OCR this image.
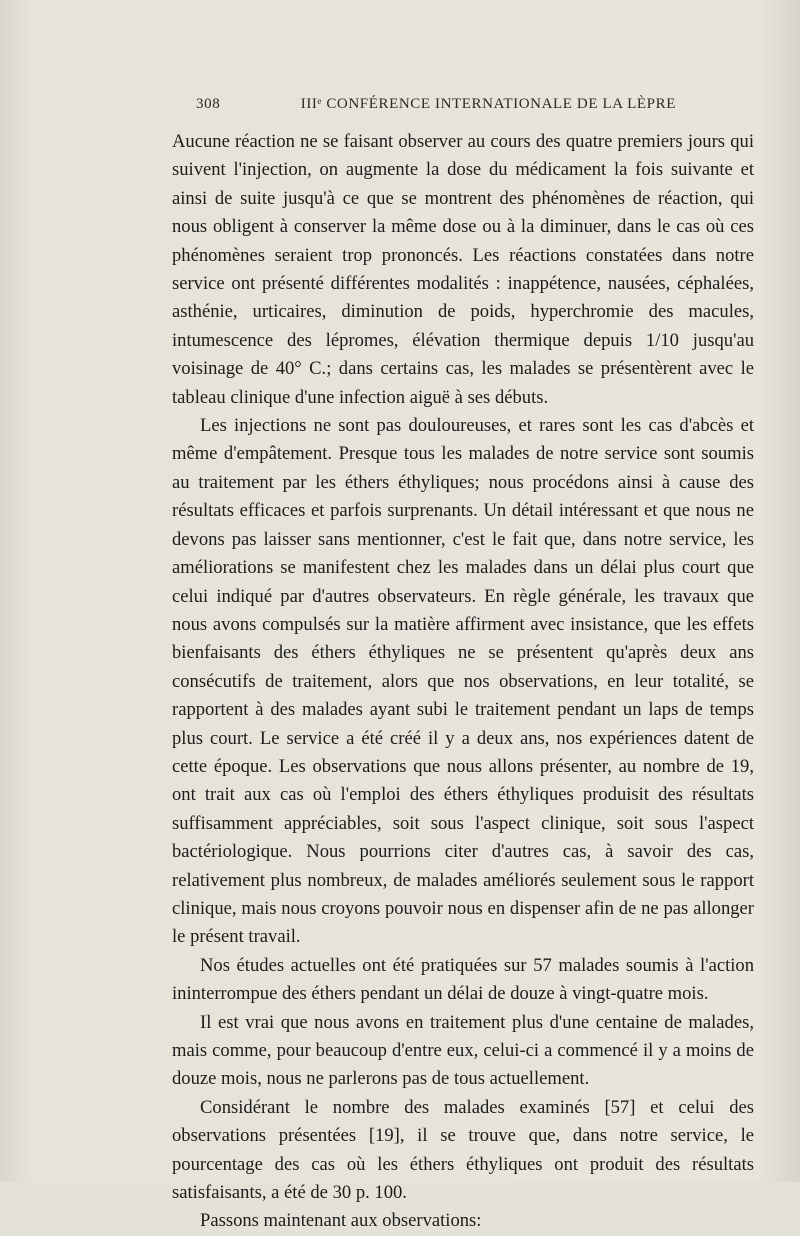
308	IIIᵉ CONFÉRENCE INTERNATIONALE DE LA LÈPRE

Aucune réaction ne se faisant observer au cours des quatre premiers jours qui suivent l'injection, on augmente la dose du médicament la fois suivante et ainsi de suite jusqu'à ce que se montrent des phénomènes de réaction, qui nous obligent à conserver la même dose ou à la diminuer, dans le cas où ces phénomènes seraient trop prononcés. Les réactions constatées dans notre service ont présenté différentes modalités : inappétence, nausées, céphalées, asthénie, urticaires, diminution de poids, hyperchromie des macules, intumescence des lépromes, élévation thermique depuis 1/10 jusqu'au voisinage de 40° C.; dans certains cas, les malades se présentèrent avec le tableau clinique d'une infection aiguë à ses débuts.

Les injections ne sont pas douloureuses, et rares sont les cas d'abcès et même d'empâtement. Presque tous les malades de notre service sont soumis au traitement par les éthers éthyliques; nous procédons ainsi à cause des résultats efficaces et parfois surprenants. Un détail intéressant et que nous ne devons pas laisser sans mentionner, c'est le fait que, dans notre service, les améliorations se manifestent chez les malades dans un délai plus court que celui indiqué par d'autres observateurs. En règle générale, les travaux que nous avons compulsés sur la matière affirment avec insistance, que les effets bienfaisants des éthers éthyliques ne se présentent qu'après deux ans consécutifs de traitement, alors que nos observations, en leur totalité, se rapportent à des malades ayant subi le traitement pendant un laps de temps plus court. Le service a été créé il y a deux ans, nos expériences datent de cette époque. Les observations que nous allons présenter, au nombre de 19, ont trait aux cas où l'emploi des éthers éthyliques produisit des résultats suffisamment appréciables, soit sous l'aspect clinique, soit sous l'aspect bactériologique. Nous pourrions citer d'autres cas, à savoir des cas, relativement plus nombreux, de malades améliorés seulement sous le rapport clinique, mais nous croyons pouvoir nous en dispenser afin de ne pas allonger le présent travail.

Nos études actuelles ont été pratiquées sur 57 malades soumis à l'action ininterrompue des éthers pendant un délai de douze à vingt-quatre mois.

Il est vrai que nous avons en traitement plus d'une centaine de malades, mais comme, pour beaucoup d'entre eux, celui-ci a commencé il y a moins de douze mois, nous ne parlerons pas de tous actuellement.

Considérant le nombre des malades examinés [57] et celui des observations présentées [19], il se trouve que, dans notre service, le pourcentage des cas où les éthers éthyliques ont produit des résultats satisfaisants, a été de 30 p. 100.

Passons maintenant aux observations:
